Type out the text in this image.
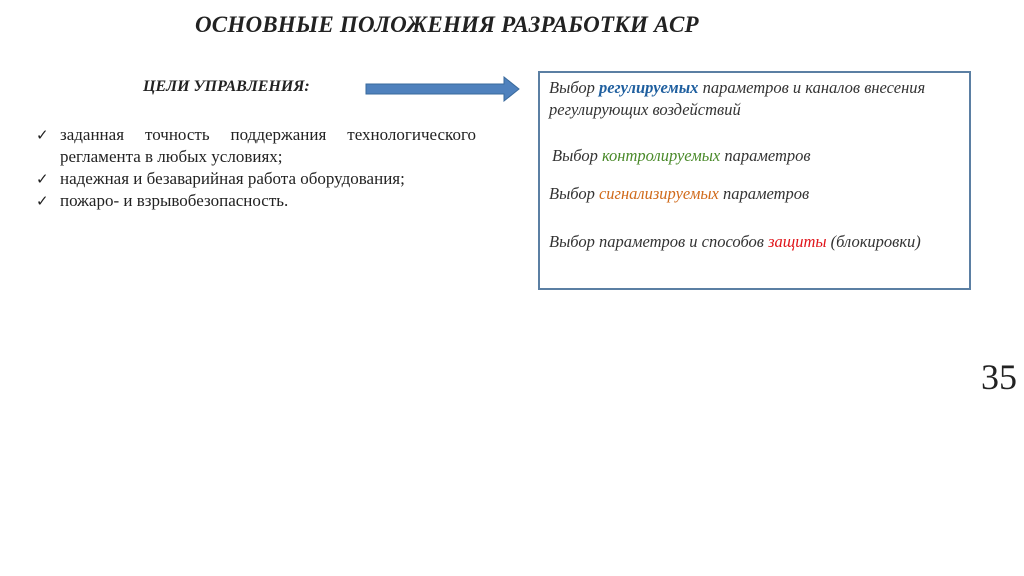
ОСНОВНЫЕ ПОЛОЖЕНИЯ РАЗРАБОТКИ АСР
ЦЕЛИ УПРАВЛЕНИЯ:
✓ заданная точность поддержания технологического регламента в любых условиях;
✓ надежная и безаварийная работа оборудования;
✓ пожаро- и взрывобезопасность.
Выбор регулируемых параметров и каналов внесения регулирующих воздействий
Выбор контролируемых параметров
Выбор сигнализируемых параметров
Выбор параметров и способов защиты (блокировки)
35
